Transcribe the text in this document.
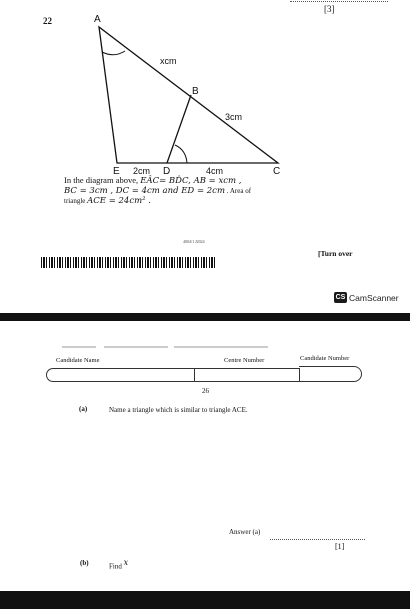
[3]
22	A
B
C
D
E
xcm
3cm
2cm	4cm
In the diagram above, EÂC= BD̂C, AB = xcm ,
BC = 3cm , DC = 4cm and ED = 2cm . Area of
triangle ACE = 24cm² .
4004/1 J2024
[Turn over
CS CamScanner
Candidate Name	Centre Number	Candidate Number
26
(a)	Name a triangle which is similar to triangle ACE.
Answer (a)
[1]
(b)	Find x
